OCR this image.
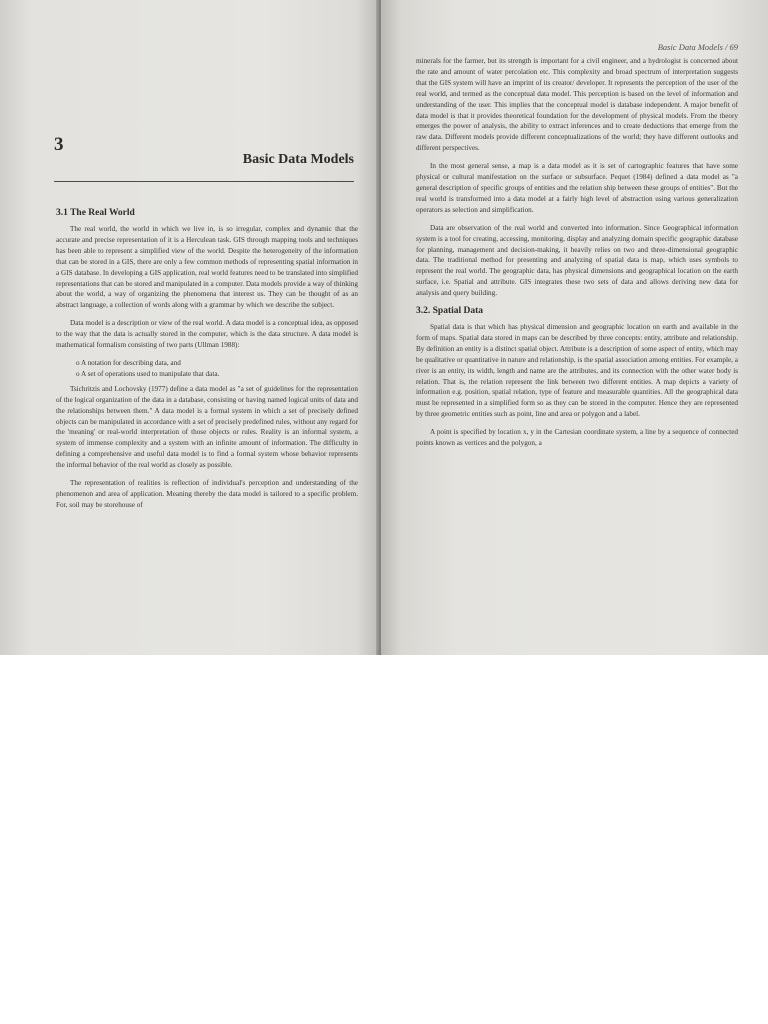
Basic Data Models / 69
3
Basic Data Models
3.1 The Real World

The real world, the world in which we live in, is so irregular, complex and dynamic that the accurate and precise representation of it is a Herculean task. GIS through mapping tools and techniques has been able to represent a simplified view of the world. Despite the heterogeneity of the information that can be stored in a GIS, there are only a few common methods of representing spatial information in a GIS database. In developing a GIS application, real world features need to be translated into simplified representations that can be stored and manipulated in a computer. Data models provide a way of thinking about the world, a way of organizing the phenomena that interest us. They can be thought of as an abstract language, a collection of words along with a grammar by which we describe the subject.

Data model is a description or view of the real world. A data model is a conceptual idea, as opposed to the way that the data is actually stored in the computer, which is the data structure. A data model is mathematical formalism consisting of two parts (Ullman 1988):

o A notation for describing data, and
o A set of operations used to manipulate that data.

Tsichritzis and Lochovsky (1977) define a data model as "a set of guidelines for the representation of the logical organization of the data in a database, consisting or having named logical units of data and the relationships between them." A data model is a formal system in which a set of precisely defined objects can be manipulated in accordance with a set of precisely predefined rules, without any regard for the 'meaning' or real-world interpretation of those objects or rules. Reality is an informal system, a system of immense complexity and a system with an infinite amount of information. The difficulty in defining a comprehensive and useful data model is to find a formal system whose behavior represents the informal behavior of the real world as closely as possible.

The representation of realities is reflection of individual's perception and understanding of the phenomenon and area of application. Meaning thereby the data model is tailored to a specific problem. For, soil may be storehouse of

minerals for the farmer, but its strength is important for a civil engineer, and a hydrologist is concerned about the rate and amount of water percolation etc. This complexity and broad spectrum of interpretation suggests that the GIS system will have an imprint of its creator/ developer. It represents the perception of the user of the real world, and termed as the conceptual data model. This perception is based on the level of information and understanding of the user. This implies that the conceptual model is database independent. A major benefit of data model is that it provides theoretical foundation for the development of physical models. From the theory emerges the power of analysis, the ability to extract inferences and to create deductions that emerge from the raw data. Different models provide different conceptualizations of the world; they have different outlooks and different perspectives.

In the most general sense, a map is a data model as it is set of cartographic features that have some physical or cultural manifestation on the surface or subsurface. Pequet (1984) defined a data model as "a general description of specific groups of entities and the relation ship between these groups of entities". But the real world is transformed into a data model at a fairly high level of abstraction using various generalization operators as selection and simplification.

Data are observation of the real world and converted into information. Since Geographical information system is a tool for creating, accessing, monitoring, display and analyzing domain specific geographic database for planning, management and decision-making, it heavily relies on two and three-dimensional geographic data. The traditional method for presenting and analyzing of spatial data is map, which uses symbols to represent the real world. The geographic data, has physical dimensions and geographical location on the earth surface, i.e. Spatial and attribute. GIS integrates these two sets of data and allows deriving new data for analysis and query building.

3.2. Spatial Data

Spatial data is that which has physical dimension and geographic location on earth and available in the form of maps. Spatial data stored in maps can be described by three concepts: entity, attribute and relationship. By definition an entity is a distinct spatial object. Attribute is a description of some aspect of entity, which may be qualitative or quantitative in nature and relationship, is the spatial association among entities. For example, a river is an entity, its width, length and name are the attributes, and its connection with the other water body is relation. That is, the relation represent the link between two different entities. A map depicts a variety of information e.g. position, spatial relation, type of feature and measurable quantities. All the geographical data must be represented in a simplified form so as they can be stored in the computer. Hence they are represented by three geometric entities such as point, line and area or polygon and a label.

A point is specified by location x, y in the Cartesian coordinate system, a line by a sequence of connected points known as vertices and the polygon, a
